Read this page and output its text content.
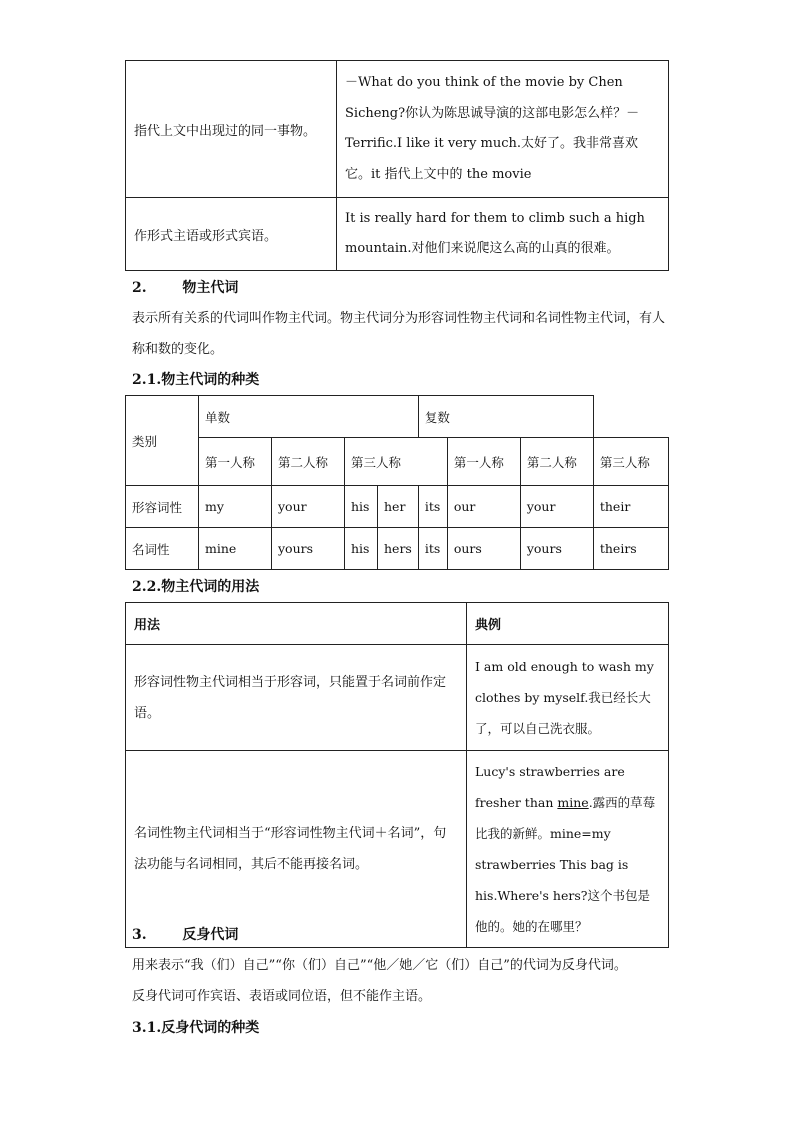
指代上文中出现过的同一事物。	－What do you think of the movie by Chen Sicheng?你认为陈思诚导演的这部电影怎么样？－Terrific.I like it very much.太好了。我非常喜欢它。it 指代上文中的 the movie
作形式主语或形式宾语。	It is really hard for them to climb such a high mountain.对他们来说爬这么高的山真的很难。
2.	物主代词
表示所有关系的代词叫作物主代词。物主代词分为形容词性物主代词和名词性物主代词，有人称和数的变化。
2.1.物主代词的种类
类别	单数				复数			
	第一人称	第二人称	第三人称			第一人称	第二人称	第三人称
形容词性	my	your	his	her	its	our	your	their
名词性	mine	yours	his	hers	its	ours	yours	theirs
2.2.物主代词的用法
用法	典例
形容词性物主代词相当于形容词，只能置于名词前作定语。	I am old enough to wash my clothes by myself.我已经长大了，可以自己洗衣服。
名词性物主代词相当于“形容词性物主代词＋名词”，句法功能与名词相同，其后不能再接名词。	Lucy's strawberries are fresher than mine.露西的草莓比我的新鲜。mine=my strawberries This bag is his.Where's hers?这个书包是他的。她的在哪里？
3.	反身代词
用来表示“我（们）自己”“你（们）自己”“他／她／它（们）自己”的代词为反身代词。
反身代词可作宾语、表语或同位语，但不能作主语。
3.1.反身代词的种类
